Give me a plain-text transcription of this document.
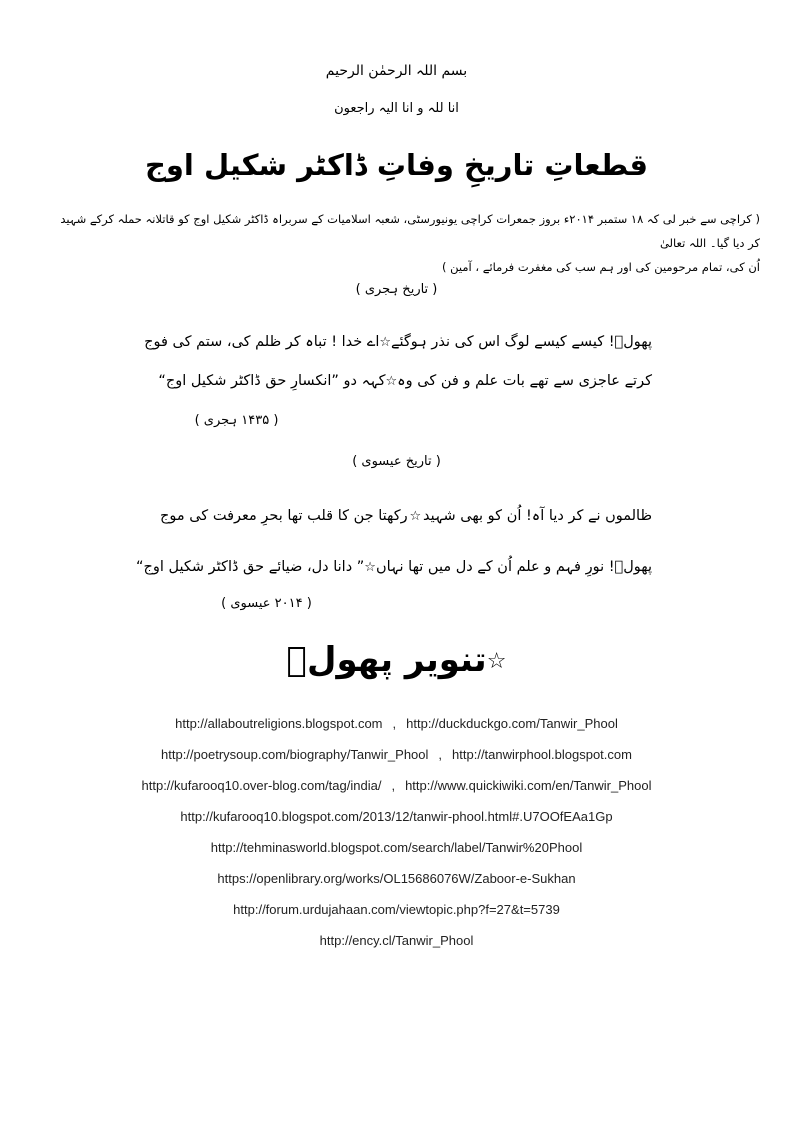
بسم اللہ الرحمٰن الرحیم
انا للہ و انا الیہ راجعون
قطعاتِ تاریخِ وفاتِ ڈاکٹر شکیل اوج
( کراچی سے خبر لی کہ ۱۸ ستمبر ۲۰۱۴ء بروز جمعرات کراچی یونیورسٹی، شعبہ اسلامیات کے سربراہ ڈاکٹر شکیل اوج کو قاتلانہ حملہ کرکے شہید کر دیا گیا۔ اللہ تعالیٰ
اُن کی، تمام مرحومین کی اور ہم سب کی مغفرت فرمائے ، آمین )
( تاریخ ہجری )
پھولؔ! کیسے کیسے لوگ اس کی نذر ہوگئے
☆
اے خدا ! تباہ کر ظلم کی، ستم کی فوج
کرتے عاجزی سے تھے بات علم و فن کی وہ
☆
کہہ دو ”انکسارِ حق ڈاکٹر شکیل اوج“
( ۱۴۳۵ ہجری )
( تاریخ عیسوی )
ظالموں نے کر دیا آہ! اُن کو بھی شہید
☆
رکھتا جن کا قلب تھا بحرِ معرفت کی موج
پھولؔ! نورِ فہم و علم اُن کے دل میں تھا نہاں
☆
” دانا دل، ضیائے حق ڈاکٹر شکیل اوج“
( ۲۰۱۴ عیسوی )
☆تنویر پھولؔ
http://allaboutreligions.blogspot.com , http://duckduckgo.com/Tanwir_Phool
http://poetrysoup.com/biography/Tanwir_Phool , http://tanwirphool.blogspot.com
http://kufarooq10.over-blog.com/tag/india/ , http://www.quickiwiki.com/en/Tanwir_Phool
http://kufarooq10.blogspot.com/2013/12/tanwir-phool.html#.U7OOfEAa1Gp
http://tehminasworld.blogspot.com/search/label/Tanwir%20Phool
https://openlibrary.org/works/OL15686076W/Zaboor-e-Sukhan
http://forum.urdujahaan.com/viewtopic.php?f=27&t=5739
http://ency.cl/Tanwir_Phool
